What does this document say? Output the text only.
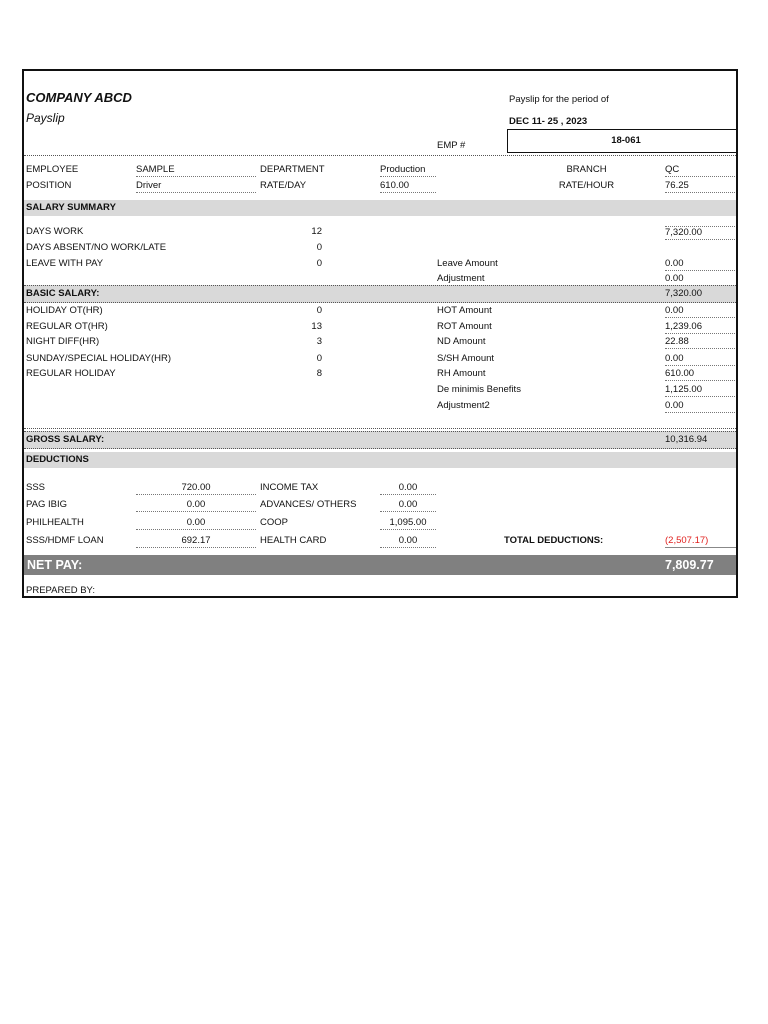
COMPANY ABCD
Payslip
Payslip for the period of
DEC 11- 25 , 2023
EMP #	18-061
EMPLOYEE	SAMPLE	DEPARTMENT	Production	BRANCH	QC
POSITION	Driver	RATE/DAY	610.00	RATE/HOUR	76.25
SALARY SUMMARY
DAYS WORK	12	7,320.00
DAYS ABSENT/NO WORK/LATE	0
LEAVE WITH PAY	0	Leave Amount	0.00
Adjustment	0.00
BASIC SALARY:	7,320.00
HOLIDAY OT(HR)	0	HOT Amount	0.00
REGULAR OT(HR)	13	ROT Amount	1,239.06
NIGHT DIFF(HR)	3	ND Amount	22.88
SUNDAY/SPECIAL HOLIDAY(HR)	0	S/SH Amount	0.00
REGULAR HOLIDAY	8	RH Amount	610.00
De minimis Benefits	1,125.00
Adjustment2	0.00
GROSS SALARY:	10,316.94
DEDUCTIONS
SSS	720.00	INCOME TAX	0.00
PAG IBIG	0.00	ADVANCES/ OTHERS	0.00
PHILHEALTH	0.00	COOP	1,095.00
SSS/HDMF LOAN	692.17	HEALTH CARD	0.00	TOTAL DEDUCTIONS:	(2,507.17)
NET PAY:	7,809.77
PREPARED BY:
